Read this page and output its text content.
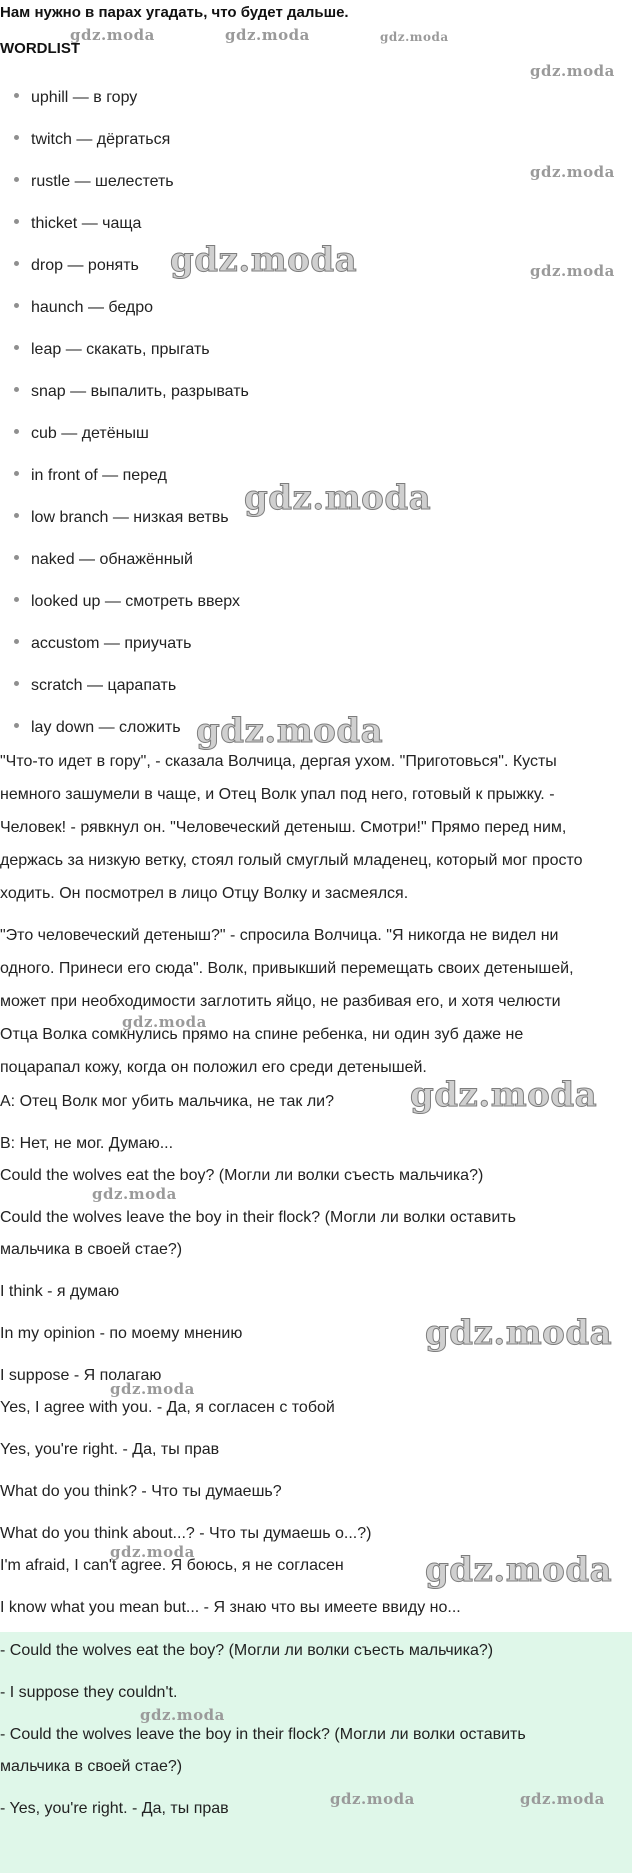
Нам нужно в парах угадать, что будет дальше.
WORDLIST
uphill — в гору
twitch — дёргаться
rustle — шелестеть
thicket — чаща
drop — ронять
haunch — бедро
leap — скакать, прыгать
snap — выпалить, разрывать
cub — детёныш
in front of — перед
low branch — низкая ветвь
naked — обнажённый
looked up — смотреть вверх
accustom — приучать
scratch — царапать
lay down — сложить
"Что-то идет в гору", - сказала Волчица, дергая ухом. "Приготовься". Кусты
немного зашумели в чаще, и Отец Волк упал под него, готовый к прыжку. -
Человек! - рявкнул он. "Человеческий детеныш. Смотри!" Прямо перед ним,
держась за низкую ветку, стоял голый смуглый младенец, который мог просто
ходить. Он посмотрел в лицо Отцу Волку и засмеялся.
"Это человеческий детеныш?" - спросила Волчица. "Я никогда не видел ни
одного. Принеси его сюда". Волк, привыкший перемещать своих детенышей,
может при необходимости заглотить яйцо, не разбивая его, и хотя челюсти
Отца Волка сомкнулись прямо на спине ребенка, ни один зуб даже не
поцарапал кожу, когда он положил его среди детенышей.
A: Отец Волк мог убить мальчика, не так ли?
B: Нет, не мог. Думаю...
Could the wolves eat the boy? (Могли ли волки съесть мальчика?)
Could the wolves leave the boy in their flock? (Могли ли волки оставить
мальчика в своей стае?)
I think - я думаю
In my opinion - по моему мнению
I suppose - Я полагаю
Yes, I agree with you. - Да, я согласен с тобой
Yes, you're right. - Да, ты прав
What do you think? - Что ты думаешь?
What do you think about...? - Что ты думаешь о...?)
I'm afraid, I can't agree. Я боюсь, я не согласен
I know what you mean but... - Я знаю что вы имеете ввиду но...
- Could the wolves eat the boy? (Могли ли волки съесть мальчика?)
- I suppose they couldn't.
- Could the wolves leave the boy in their flock? (Могли ли волки оставить
мальчика в своей стае?)
- Yes, you're right. - Да, ты прав
gdz.moda	gdz.moda	gdz.moda
gdz.moda
gdz.moda
gdz.moda
gdz.moda
gdz.moda
gdz.moda
gdz.moda
gdz.moda
gdz.moda
gdz.moda
gdz.moda
gdz.moda	gdz.moda
gdz.moda
gdz.moda	gdz.moda
